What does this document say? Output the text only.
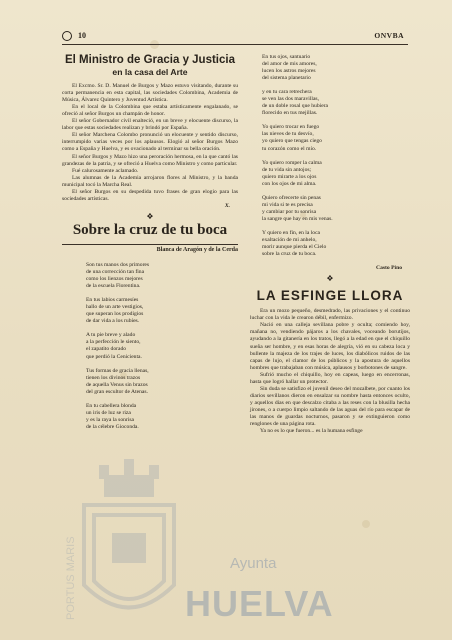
10	ONVBA
El Ministro de Gracia y Justicia
en la casa del Arte

El Excmo. Sr. D. Manuel de Burgos y Mazo estuvo visitando, durante su corta permanencia en esta capital, las sociedades Colombina, Academia de Música, Álvarez Quintero y Juventud Artística.

En el local de la Colombina que estaba artísticamente engalanado, se ofreció al señor Burgos un champán de honor.

El señor Gobernador civil enalteció, en un breve y elocuente discurso, la labor que estas sociedades realizan y brindó por España.

El señor Marchena Colombo pronunció un elocuente y sentido discurso, interrumpido varias veces por los aplausos. Elogió al señor Burgos Mazo como a España y Huelva, y es ovacionado al terminar su bella oración.

El señor Burgos y Mazo hizo una peroración hermosa, en la que cantó las grandezas de la patria, y se ofreció a Huelva como Ministro y como particular.

Fué calurosamente aclamado.

Las alumnas de la Academia arrojaron flores al Ministro, y la banda municipal tocó la Marcha Real.

El señor Burgos en su despedida tuvo frases de gran elogio para las sociedades artísticas.

X.
❖
Sobre la cruz de tu boca
Blanca de Aragón y de la Cerda
Son tus manos dos primores
de una corrección tan fina
como los lienzos mejores
de la escuela Florentina.
En tus labios carmesíes
hallo de un arte vestigios,
que superan los prodigios
de dar vida a los rubíes.
A tu pie breve y alado
a la perfección le siento,
el zapatito dorado
que perdió la Cenicienta.
Tus formas de gracia llenas,
tienen los divinos trazos
de aquella Venus sin brazos
del gran escultor de Atenas.
En tu cabellera blonda
un iris de luz se riza
y es la raya la sonrisa
de la célebre Gioconda.
En tus ojos, santuario
del amor de mis amores,
lucen los astros mejores
del sistema planetario
y en tu cara retrechera
se ven las dos maravillas,
de un doble rosal que hubiera
florecido en tus mejillas.
Yo quiero trocar en fuego
las nieves de tu desvío,
yo quiero que tengas ciego
tu corazón como el mío.
Yo quiero romper la calma
de tu vida sin antojos;
quiero mirarte a los ojos
con los ojos de mi alma.
Quiero ofrecerte sin penas
mi vida si te es precisa
y cambiar por tu sonrisa
la sangre que hay en mis venas.
Y quiero en fin, en la loca
exaltación de mi anhelo,
morir aunque pierda el Cielo
sobre la cruz de tu boca.
Casto Pino
❖
LA ESFINGE LLORA

Era un mozo pequeño, desmedrado, las privaciones y el continuo luchar con la vida le crearon débil, enfermizo.

Nació en una calleja sevillana pobre y oculta; comiendo hoy, mañana no, vendiendo pájaros a los chavales, voceando borutijos, ayudando a la gitanería en los tratos, llegó a la edad en que el chiquillo sueña ser hombre, y en esas horas de alegría, vió en su cabeza loca y bullente la majeza de los trajes de luces, los diabólicos ruidos de las capas de lujo, el clamor de los públicos y la apostura de aquellos hombres que trabajaban con música, aplausos y borbotones de sangre.

Sufrió mucho el chiquillo, hoy en capeas, luego en encerronas, hasta que logró hallar un protector.

Sin duda se satisfizo el juvenil deseo del mozalbete, por cuanto los diarios sevillanos dieron en ensalzar su nombre hasta entonces oculto, y aquellos días en que descalzo citaba a las reses con la blusilla hecha jirones, o a cuerpo limpio saltando de las aguas del río para escapar de las manos de guardas nocturnos, pasaron y se extinguieron como renglones de una página rota.

Ya no es lo que fueron... es la humana esfinge

PORTUS MARIS	Ayunta
HUELVA
